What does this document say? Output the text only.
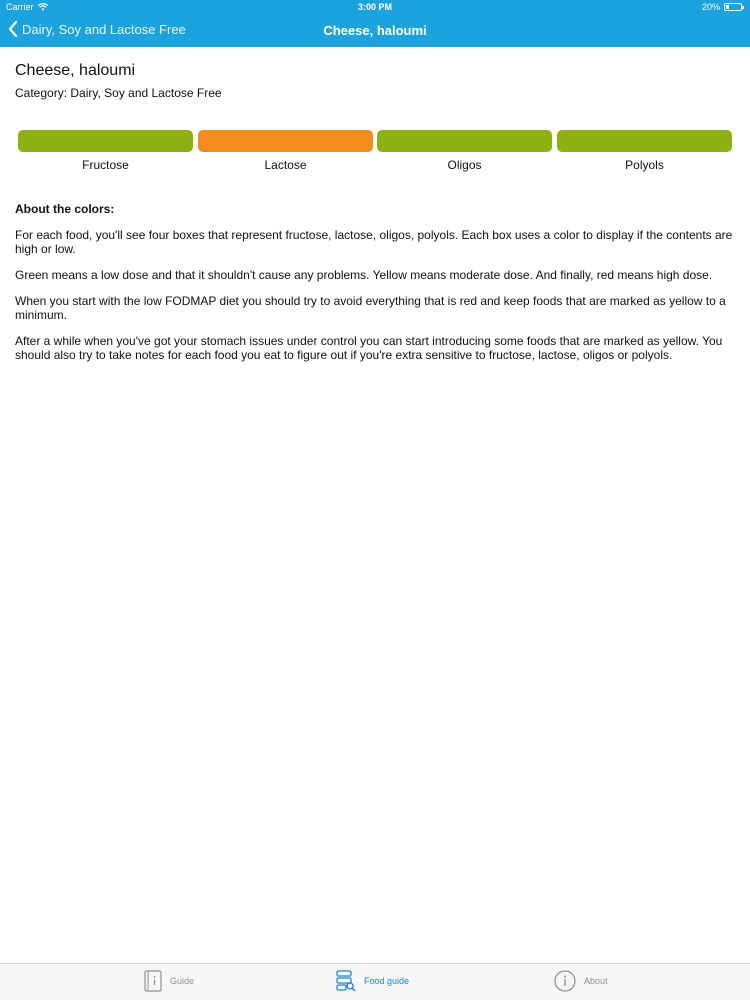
Carrier	3:00 PM	20%
Dairy, Soy and Lactose Free	Cheese, haloumi
Cheese, haloumi
Category: Dairy, Soy and Lactose Free
Fructose	Lactose	Oligos	Polyols
About the colors:

For each food, you'll see four boxes that represent fructose, lactose, oligos, polyols. Each box uses a color to display if the contents are high or low.

Green means a low dose and that it shouldn't cause any problems. Yellow means moderate dose. And finally, red means high dose.

When you start with the low FODMAP diet you should try to avoid everything that is red and keep foods that are marked as yellow to a minimum.

After a while when you've got your stomach issues under control you can start introducing some foods that are marked as yellow. You should also try to take notes for each food you eat to figure out if you're extra sensitive to fructose, lactose, oligos or polyols.

Guide	Food guide	About
